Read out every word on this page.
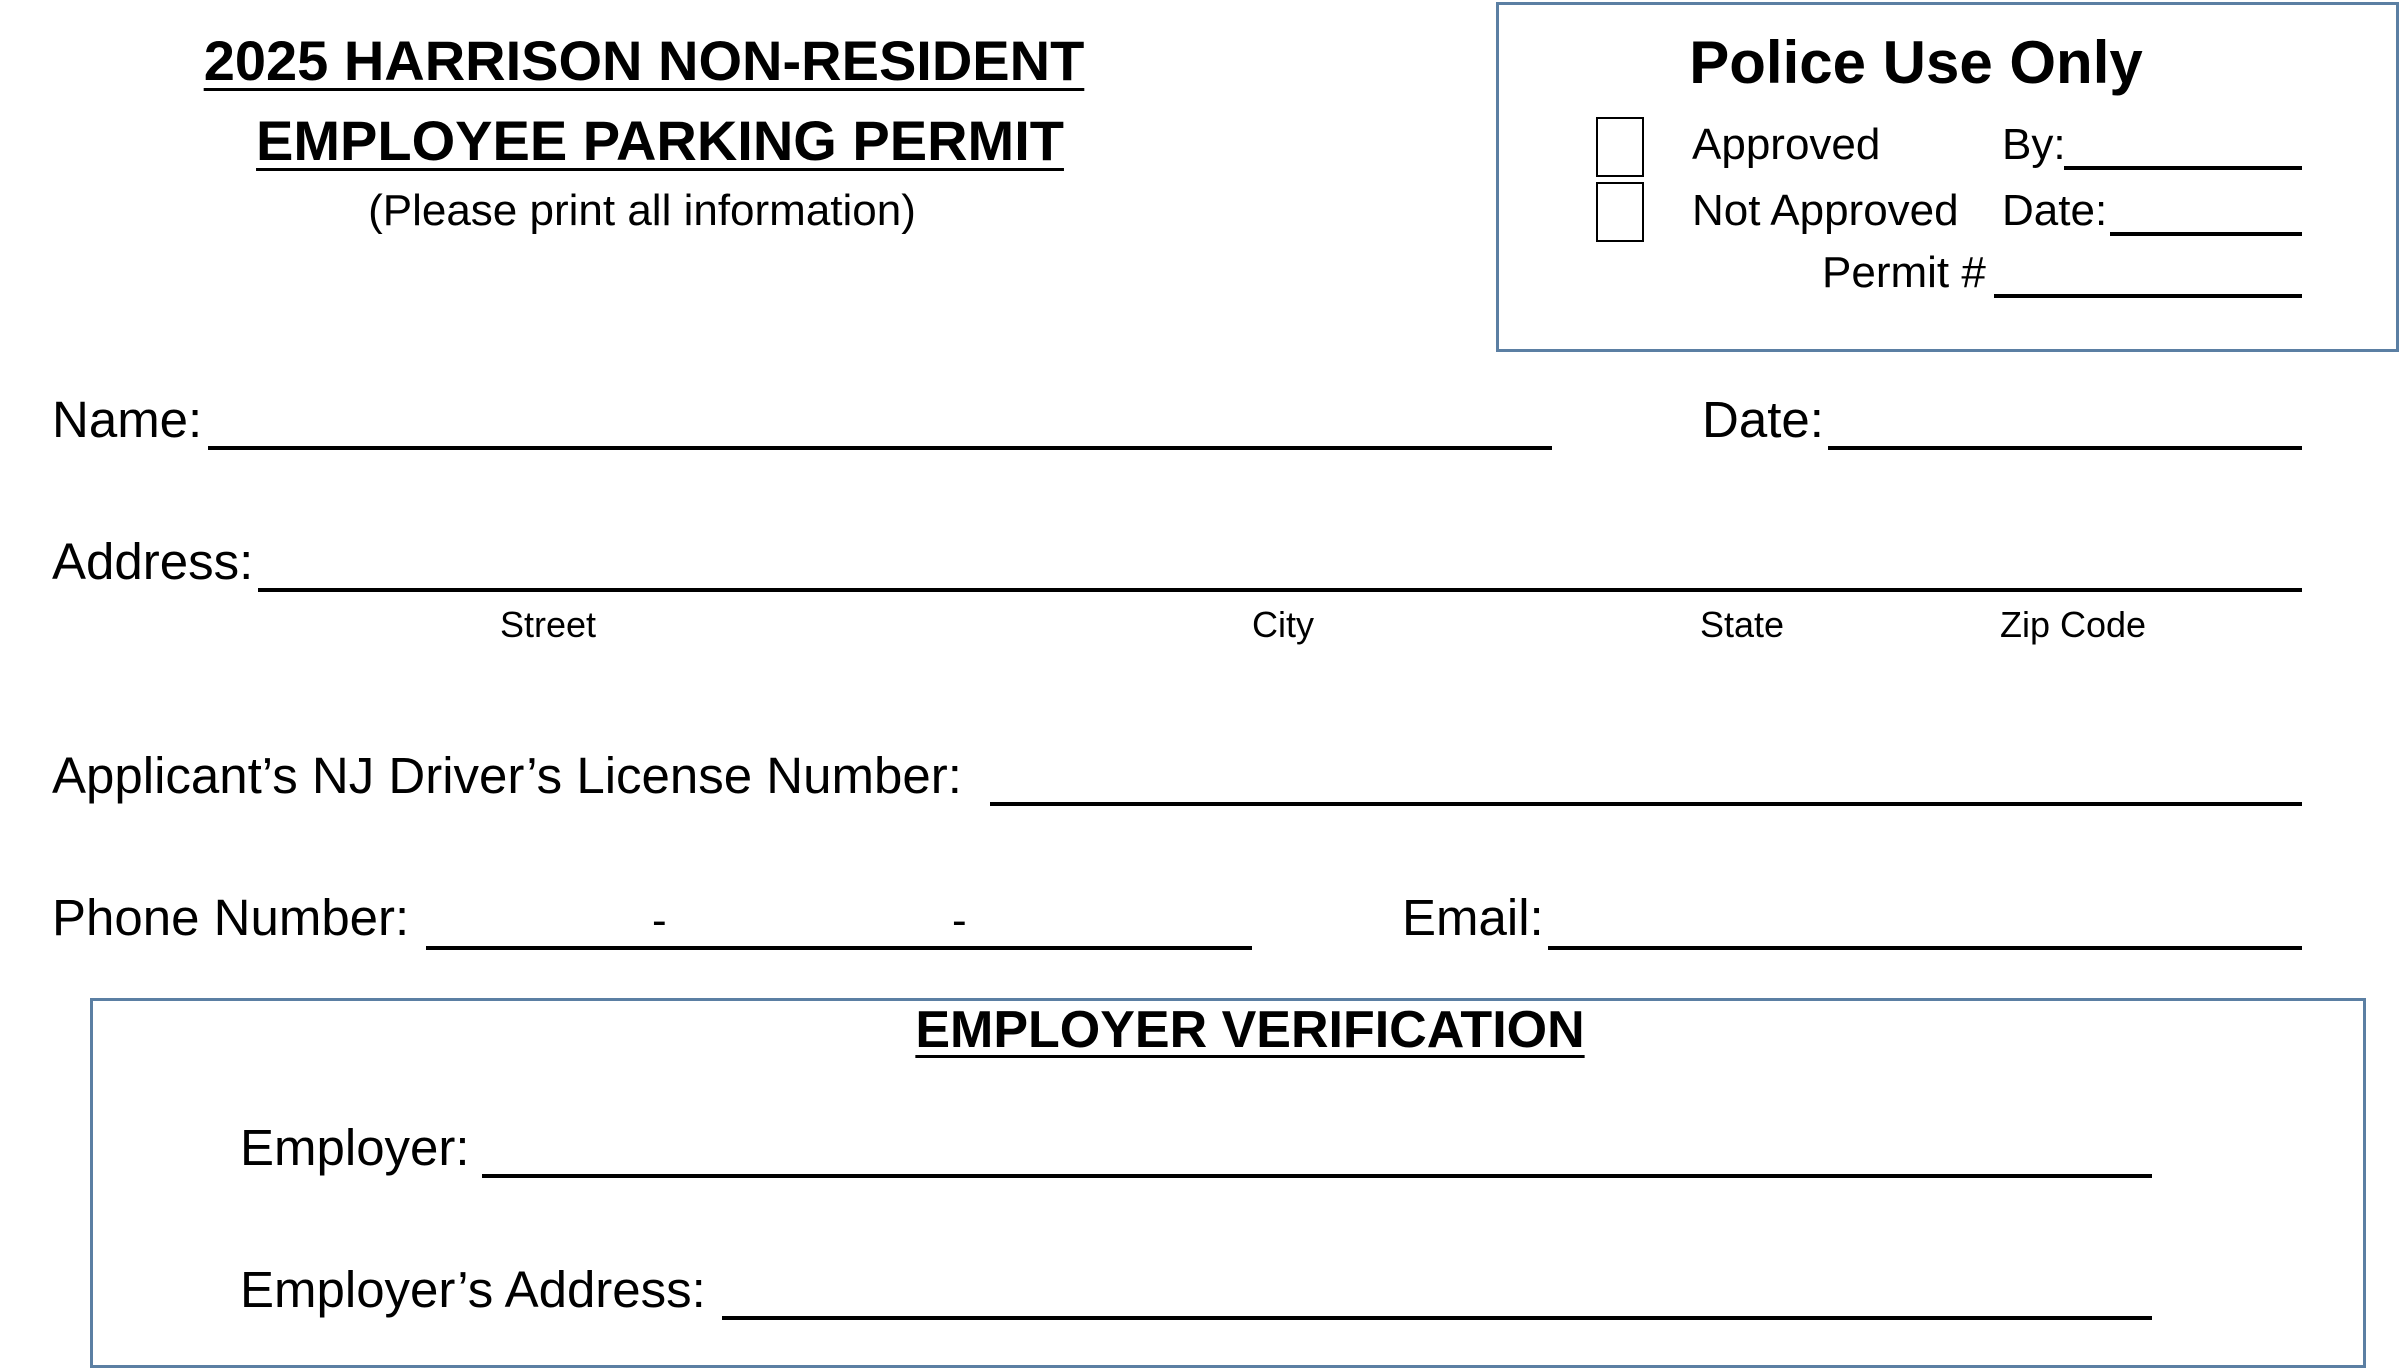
2025 HARRISON NON-RESIDENT
EMPLOYEE PARKING PERMIT
(Please print all information)
Police Use Only
Approved	By:
Not Approved Date:
Permit #
Name:	Date:
Address:
Street	City	State	Zip Code
Applicant’s NJ Driver’s License Number:
Phone Number:	-	-	Email:
EMPLOYER VERIFICATION
Employer:
Employer’s Address:
